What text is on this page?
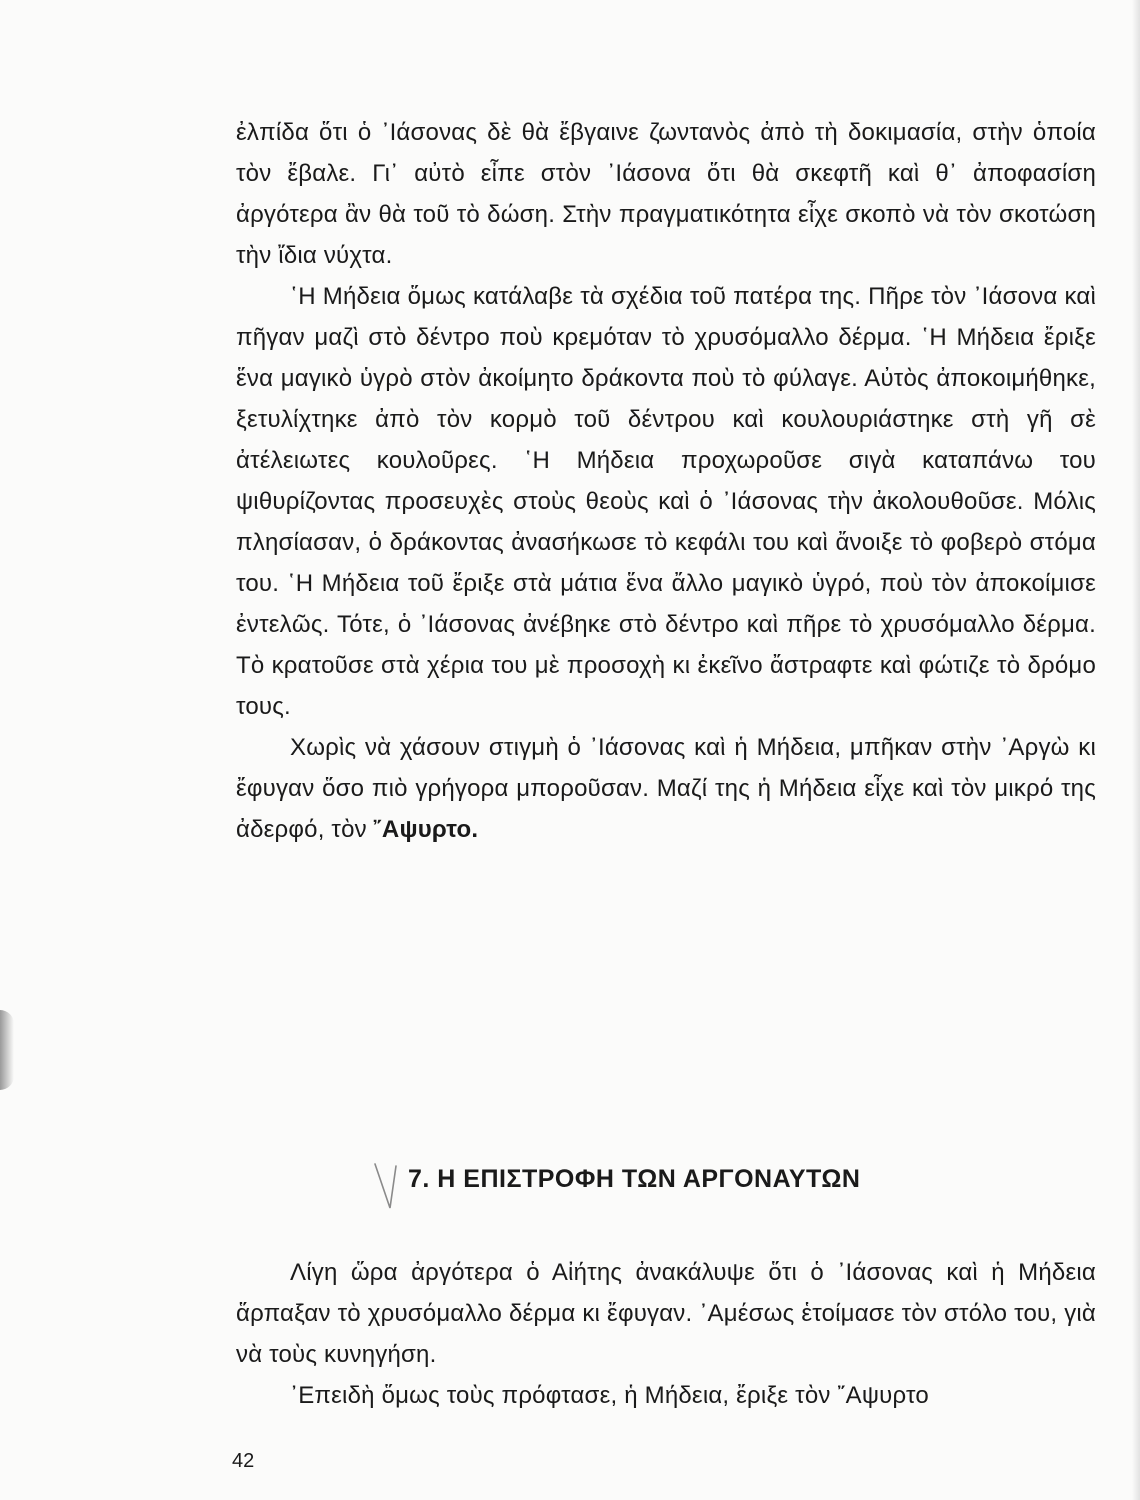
ἐλπίδα ὅτι ὁ ᾿Ιάσονας δὲ θὰ ἔβγαινε ζωντανὸς ἀπὸ τὴ δοκιμασία, στὴν ὁποία τὸν ἔβαλε. Γι᾿ αὐτὸ εἶπε στὸν ᾿Ιάσονα ὅτι θὰ σκεφτῆ καὶ θ᾿ ἀποφασίση ἀργότερα ἂν θὰ τοῦ τὸ δώση. Στὴν πραγματικότητα εἶχε σκοπὸ νὰ τὸν σκοτώση τὴν ἴδια νύχτα.

῾Η Μήδεια ὅμως κατάλαβε τὰ σχέδια τοῦ πατέρα της. Πῆρε τὸν ᾿Ιάσονα καὶ πῆγαν μαζὶ στὸ δέντρο ποὺ κρεμόταν τὸ χρυσόμαλλο δέρμα. ῾Η Μήδεια ἔριξε ἕνα μαγικὸ ὑγρὸ στὸν ἀκοίμητο δράκοντα ποὺ τὸ φύλαγε. Αὐτὸς ἀποκοιμήθηκε, ξετυλίχτηκε ἀπὸ τὸν κορμὸ τοῦ δέντρου καὶ κουλουριάστηκε στὴ γῆ σὲ ἀτέλειωτες κουλοῦρες. ῾Η Μήδεια προχωροῦσε σιγὰ καταπάνω του ψιθυρίζοντας προσευχὲς στοὺς θεοὺς καὶ ὁ ᾿Ιάσονας τὴν ἀκολουθοῦσε. Μόλις πλησίασαν, ὁ δράκοντας ἀνασήκωσε τὸ κεφάλι του καὶ ἄνοιξε τὸ φοβερὸ στόμα του. ῾Η Μήδεια τοῦ ἔριξε στὰ μάτια ἕνα ἄλλο μαγικὸ ὑγρό, ποὺ τὸν ἀποκοίμισε ἐντελῶς. Τότε, ὁ ᾿Ιάσονας ἀνέβηκε στὸ δέντρο καὶ πῆρε τὸ χρυσόμαλλο δέρμα. Τὸ κρατοῦσε στὰ χέρια του μὲ προσοχὴ κι ἐκεῖνο ἄστραφτε καὶ φώτιζε τὸ δρόμο τους.

Χωρὶς νὰ χάσουν στιγμὴ ὁ ᾿Ιάσονας καὶ ἡ Μήδεια, μπῆκαν στὴν ᾿Αργὼ κι ἔφυγαν ὅσο πιὸ γρήγορα μποροῦσαν. Μαζί της ἡ Μήδεια εἶχε καὶ τὸν μικρό της ἀδερφό, τὸν ῎Αψυρτο.

7. Η ΕΠΙΣΤΡΟΦΗ ΤΩΝ ΑΡΓΟΝΑΥΤΩΝ

Λίγη ὥρα ἀργότερα ὁ Αἰήτης ἀνακάλυψε ὅτι ὁ ᾿Ιάσονας καὶ ἡ Μήδεια ἅρπαξαν τὸ χρυσόμαλλο δέρμα κι ἔφυγαν. ᾿Αμέσως ἑτοίμασε τὸν στόλο του, γιὰ νὰ τοὺς κυνηγήση.

᾿Επειδὴ ὅμως τοὺς πρόφτασε, ἡ Μήδεια, ἔριξε τὸν ῎Αψυρτο

42
